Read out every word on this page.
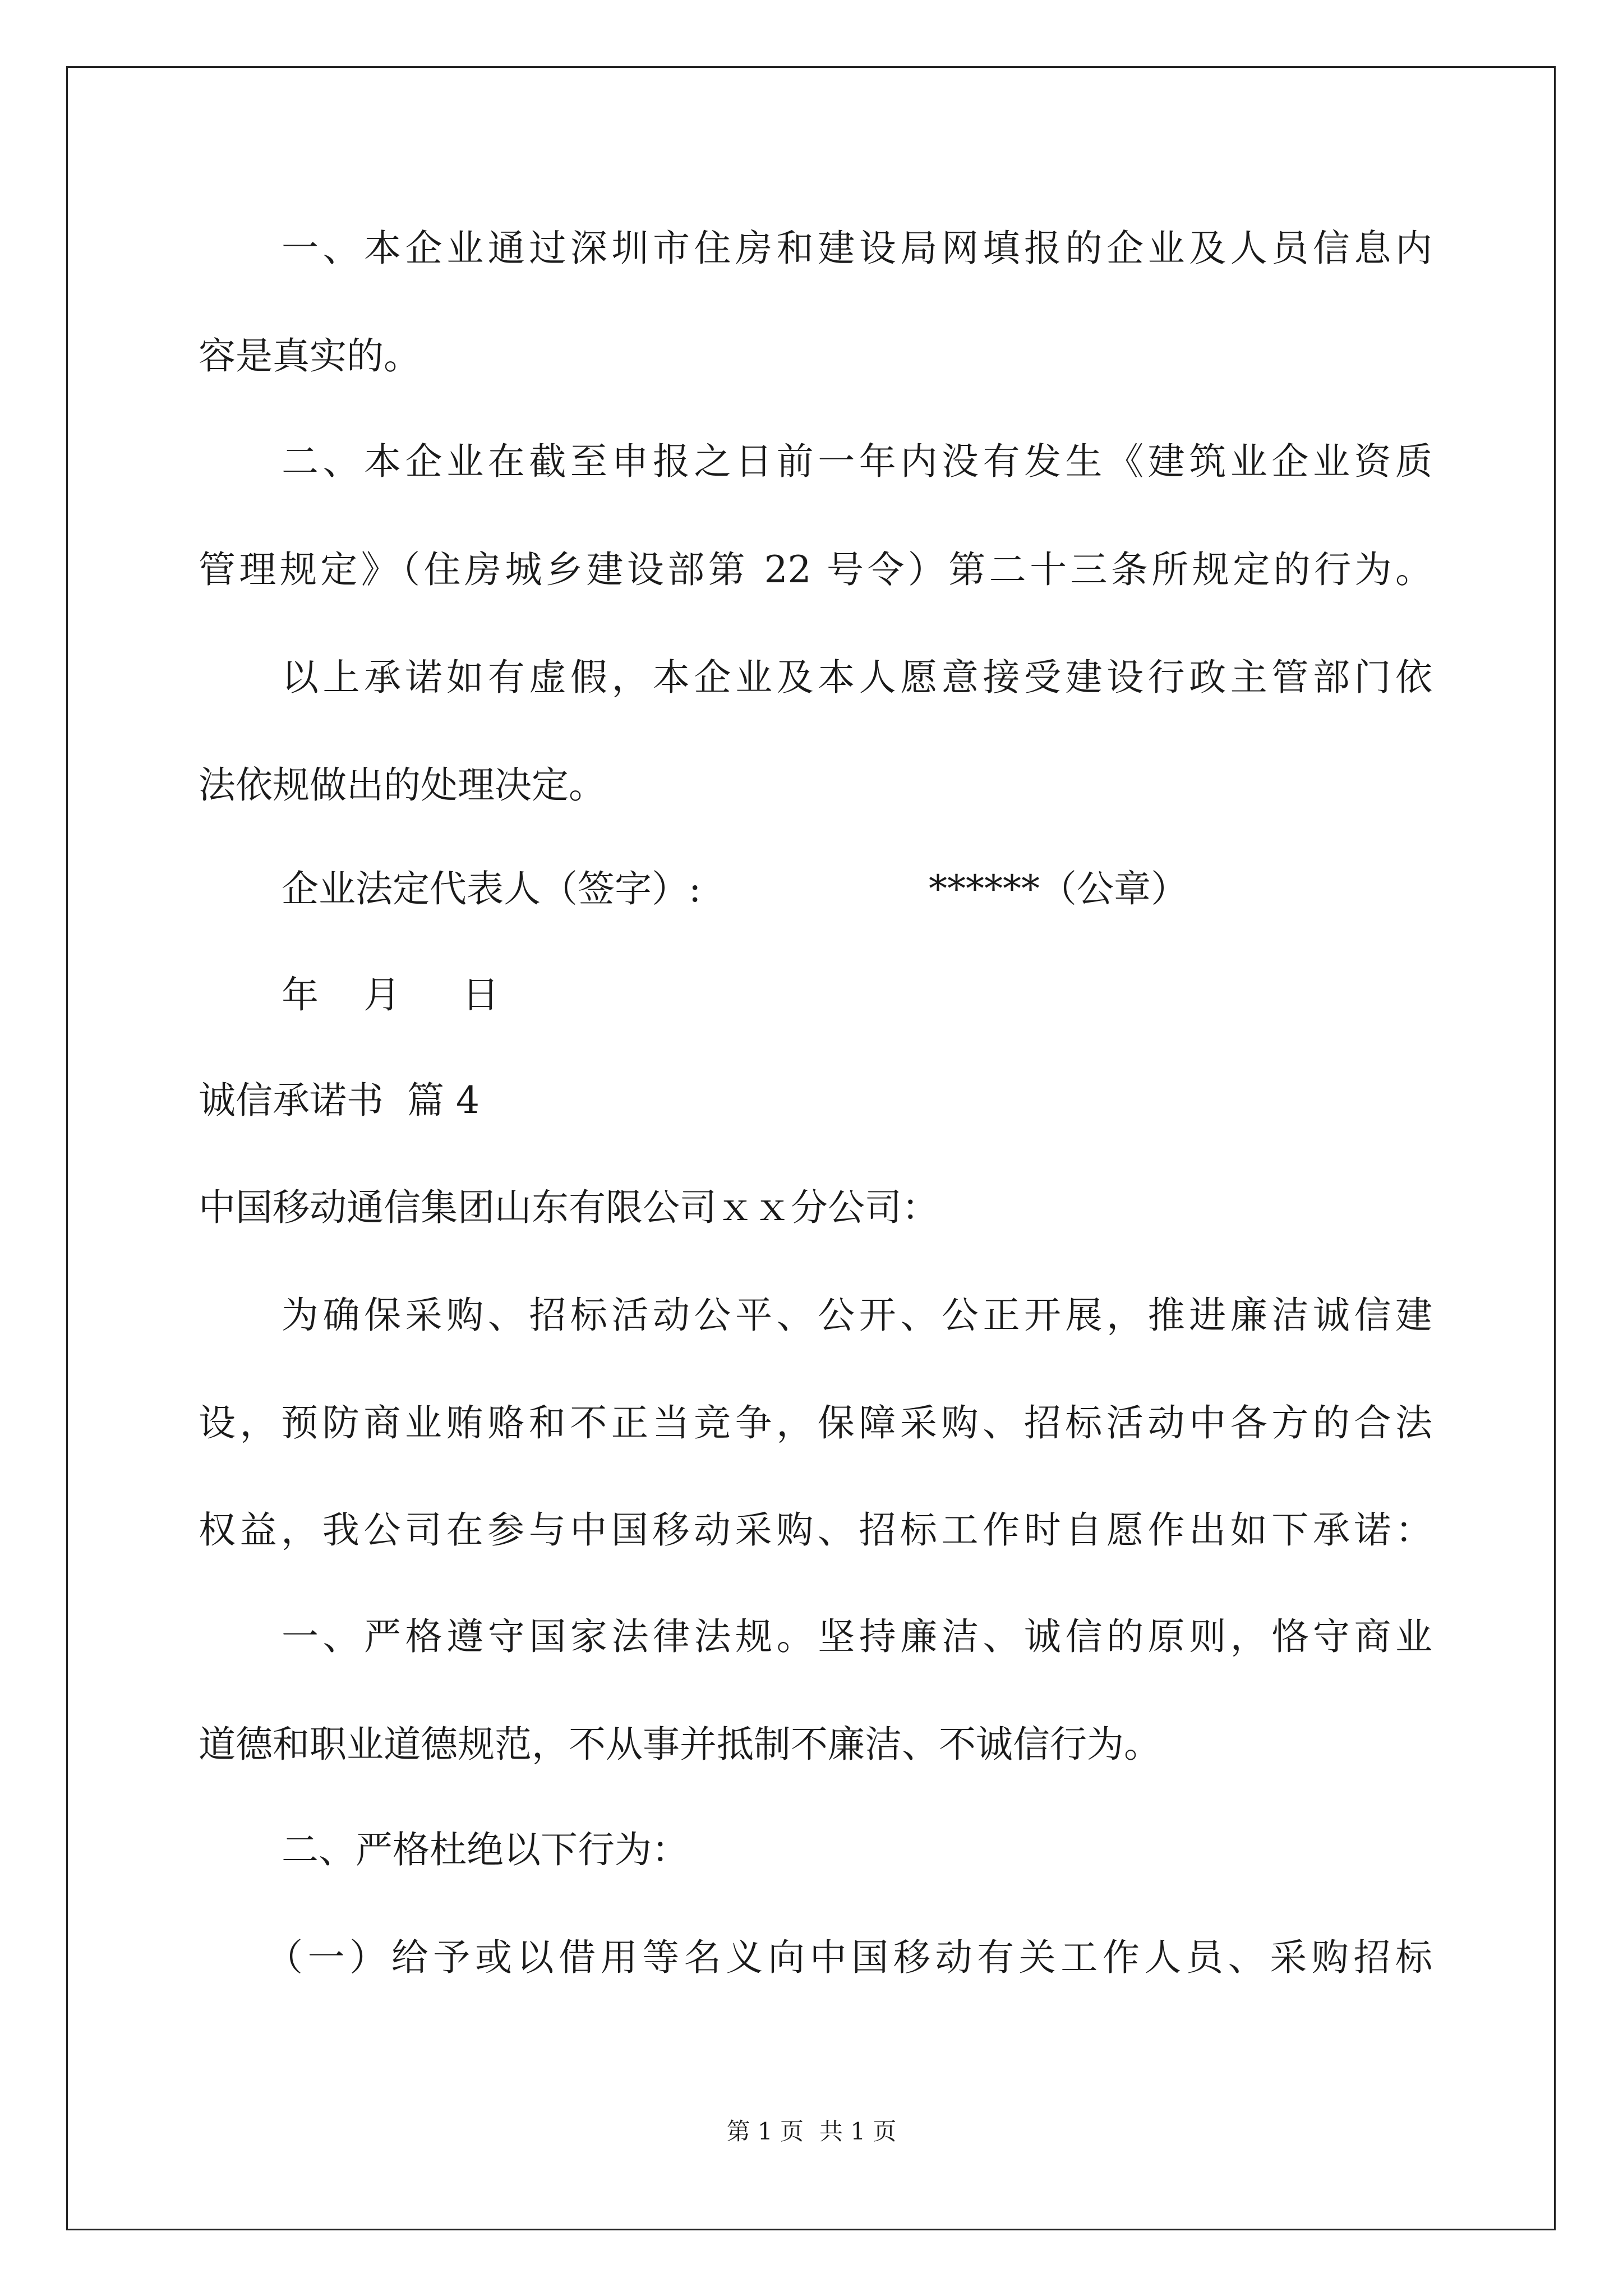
一、本企业通过深圳市住房和建设局网填报的企业及人员信息内

容是真实的。

二、本企业在截至申报之日前一年内没有发生《建筑业企业资质

管理规定》（住房城乡建设部第 22 号令）第二十三条所规定的行为。

以上承诺如有虚假，本企业及本人愿意接受建设行政主管部门依

法依规做出的处理决定。

企业法定代表人（签字）:	******（公章）

年 月 日

诚信承诺书  篇 4

中国移动通信集团山东有限公司ｘｘ分公司：

为确保采购、招标活动公平、公开、公正开展，推进廉洁诚信建

设，预防商业贿赂和不正当竞争，保障采购、招标活动中各方的合法

权益，我公司在参与中国移动采购、招标工作时自愿作出如下承诺：

一、严格遵守国家法律法规。坚持廉洁、诚信的原则，恪守商业

道德和职业道德规范，不从事并抵制不廉洁、不诚信行为。

二、严格杜绝以下行为：

（一）给予或以借用等名义向中国移动有关工作人员、采购招标

第 1 页 共 1 页
